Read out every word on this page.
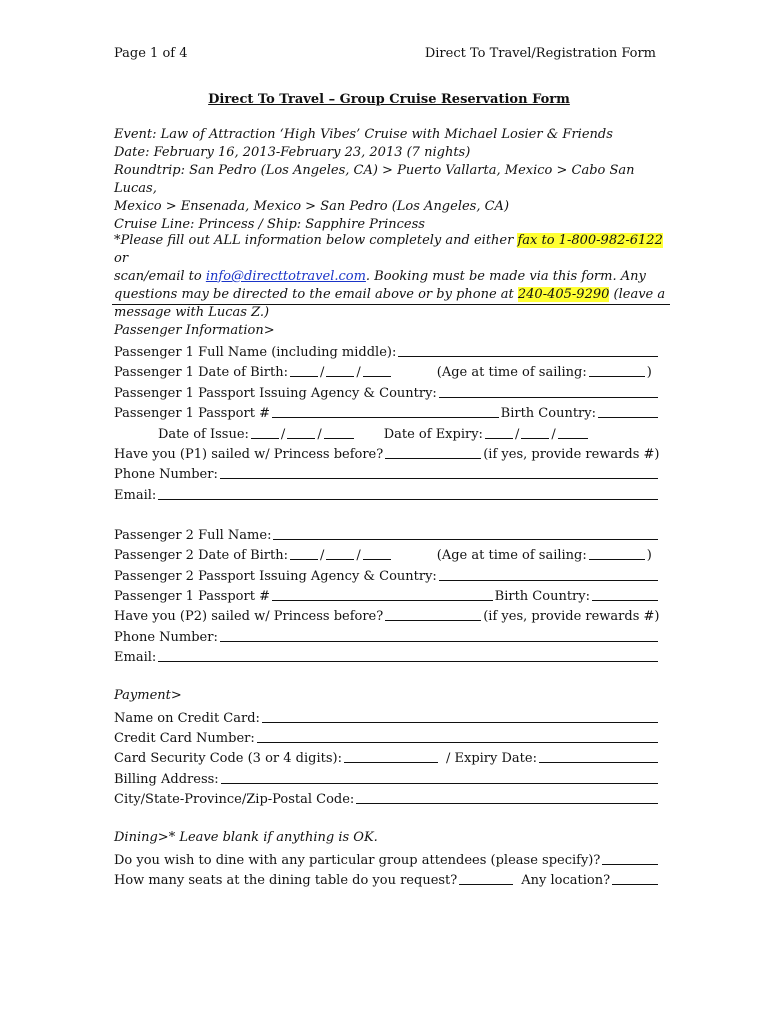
Page 1 of 4	Direct To Travel/Registration Form
Direct To Travel – Group Cruise Reservation Form
Event: Law of Attraction ‘High Vibes’ Cruise with Michael Losier & Friends
Date: February 16, 2013-February 23, 2013 (7 nights)
Roundtrip: San Pedro (Los Angeles, CA) > Puerto Vallarta, Mexico > Cabo San Lucas,
Mexico > Ensenada, Mexico > San Pedro (Los Angeles, CA)
Cruise Line: Princess / Ship: Sapphire Princess
*Please fill out ALL information below completely and either fax to 1-800-982-6122 or
scan/email to info@directtotravel.com. Booking must be made via this form. Any
questions may be directed to the email above or by phone at 240-405-9290 (leave a
message with Lucas Z.)
Passenger Information>
Passenger 1 Full Name (including middle):
Passenger 1 Date of Birth: / /	(Age at time of sailing:	)
Passenger 1 Passport Issuing Agency & Country:
Passenger 1 Passport #	Birth Country:
Date of Issue: / /	Date of Expiry: / /
Have you (P1) sailed w/ Princess before?	(if yes, provide rewards #)
Phone Number:
Email:
Passenger 2 Full Name:
Passenger 2 Date of Birth: / /	(Age at time of sailing:	)
Passenger 2 Passport Issuing Agency & Country:
Passenger 1 Passport #	Birth Country:
Have you (P2) sailed w/ Princess before?	(if yes, provide rewards #)
Phone Number:
Email:
Payment>
Name on Credit Card:
Credit Card Number:
Card Security Code (3 or 4 digits):	/ Expiry Date:
Billing Address:
City/State-Province/Zip-Postal Code:
Dining>* Leave blank if anything is OK.
Do you wish to dine with any particular group attendees (please specify)?
How many seats at the dining table do you request?	Any location?
